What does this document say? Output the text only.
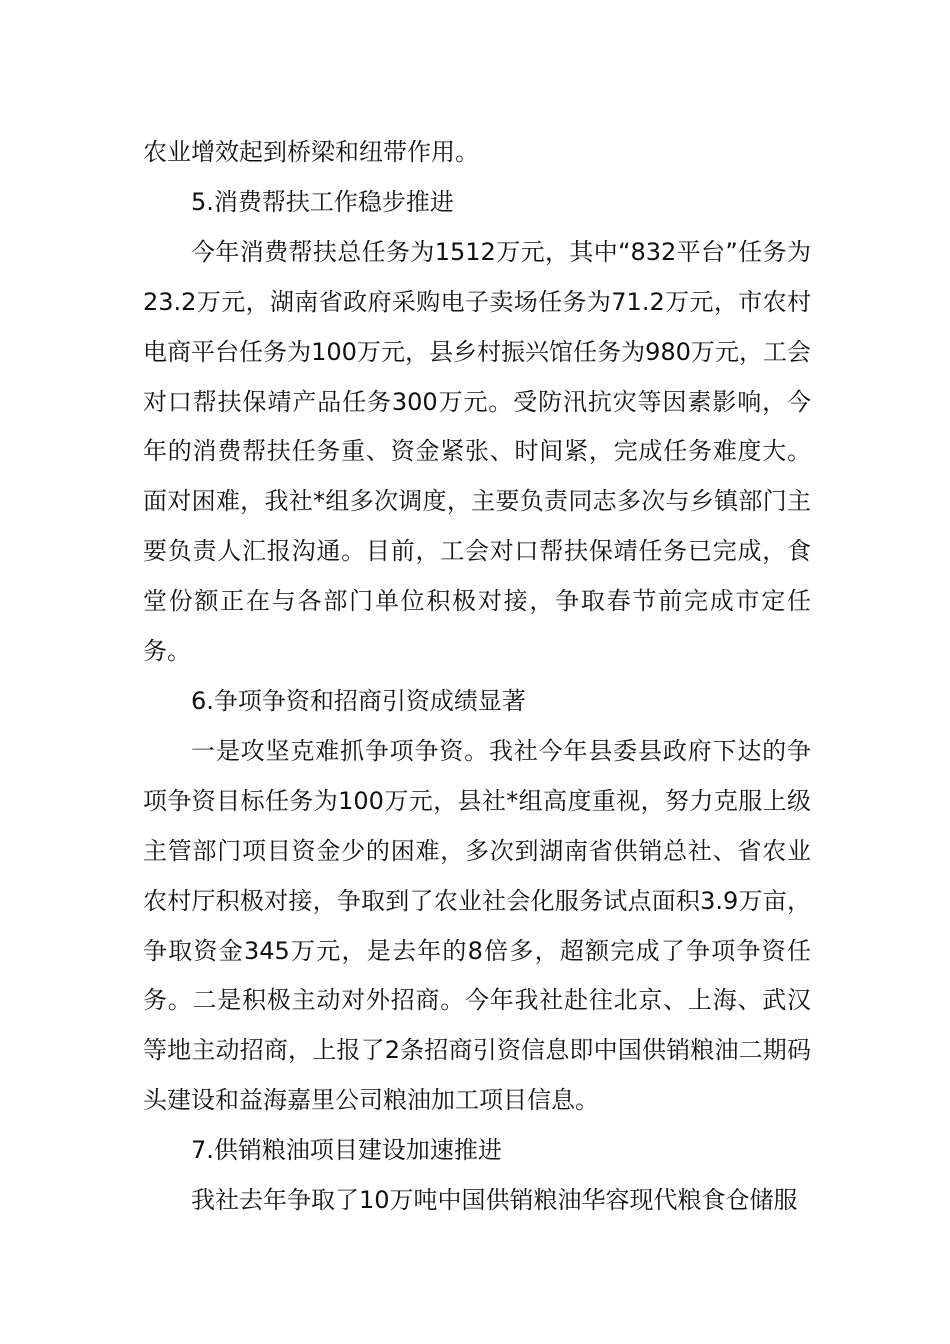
农业增效起到桥梁和纽带作用。

5.消费帮扶工作稳步推进

今年消费帮扶总任务为1512万元，其中“832平台”任务为23.2万元，湖南省政府采购电子卖场任务为71.2万元，市农村电商平台任务为100万元，县乡村振兴馆任务为980万元，工会对口帮扶保靖产品任务300万元。受防汛抗灾等因素影响，今年的消费帮扶任务重、资金紧张、时间紧，完成任务难度大。面对困难，我社*组多次调度，主要负责同志多次与乡镇部门主要负责人汇报沟通。目前，工会对口帮扶保靖任务已完成，食堂份额正在与各部门单位积极对接，争取春节前完成市定任务。

6.争项争资和招商引资成绩显著

一是攻坚克难抓争项争资。我社今年县委县政府下达的争项争资目标任务为100万元，县社*组高度重视，努力克服上级主管部门项目资金少的困难，多次到湖南省供销总社、省农业农村厅积极对接，争取到了农业社会化服务试点面积3.9万亩，争取资金345万元，是去年的8倍多，超额完成了争项争资任务。二是积极主动对外招商。今年我社赴往北京、上海、武汉等地主动招商，上报了2条招商引资信息即中国供销粮油二期码头建设和益海嘉里公司粮油加工项目信息。

7.供销粮油项目建设加速推进

我社去年争取了10万吨中国供销粮油华容现代粮食仓储服
